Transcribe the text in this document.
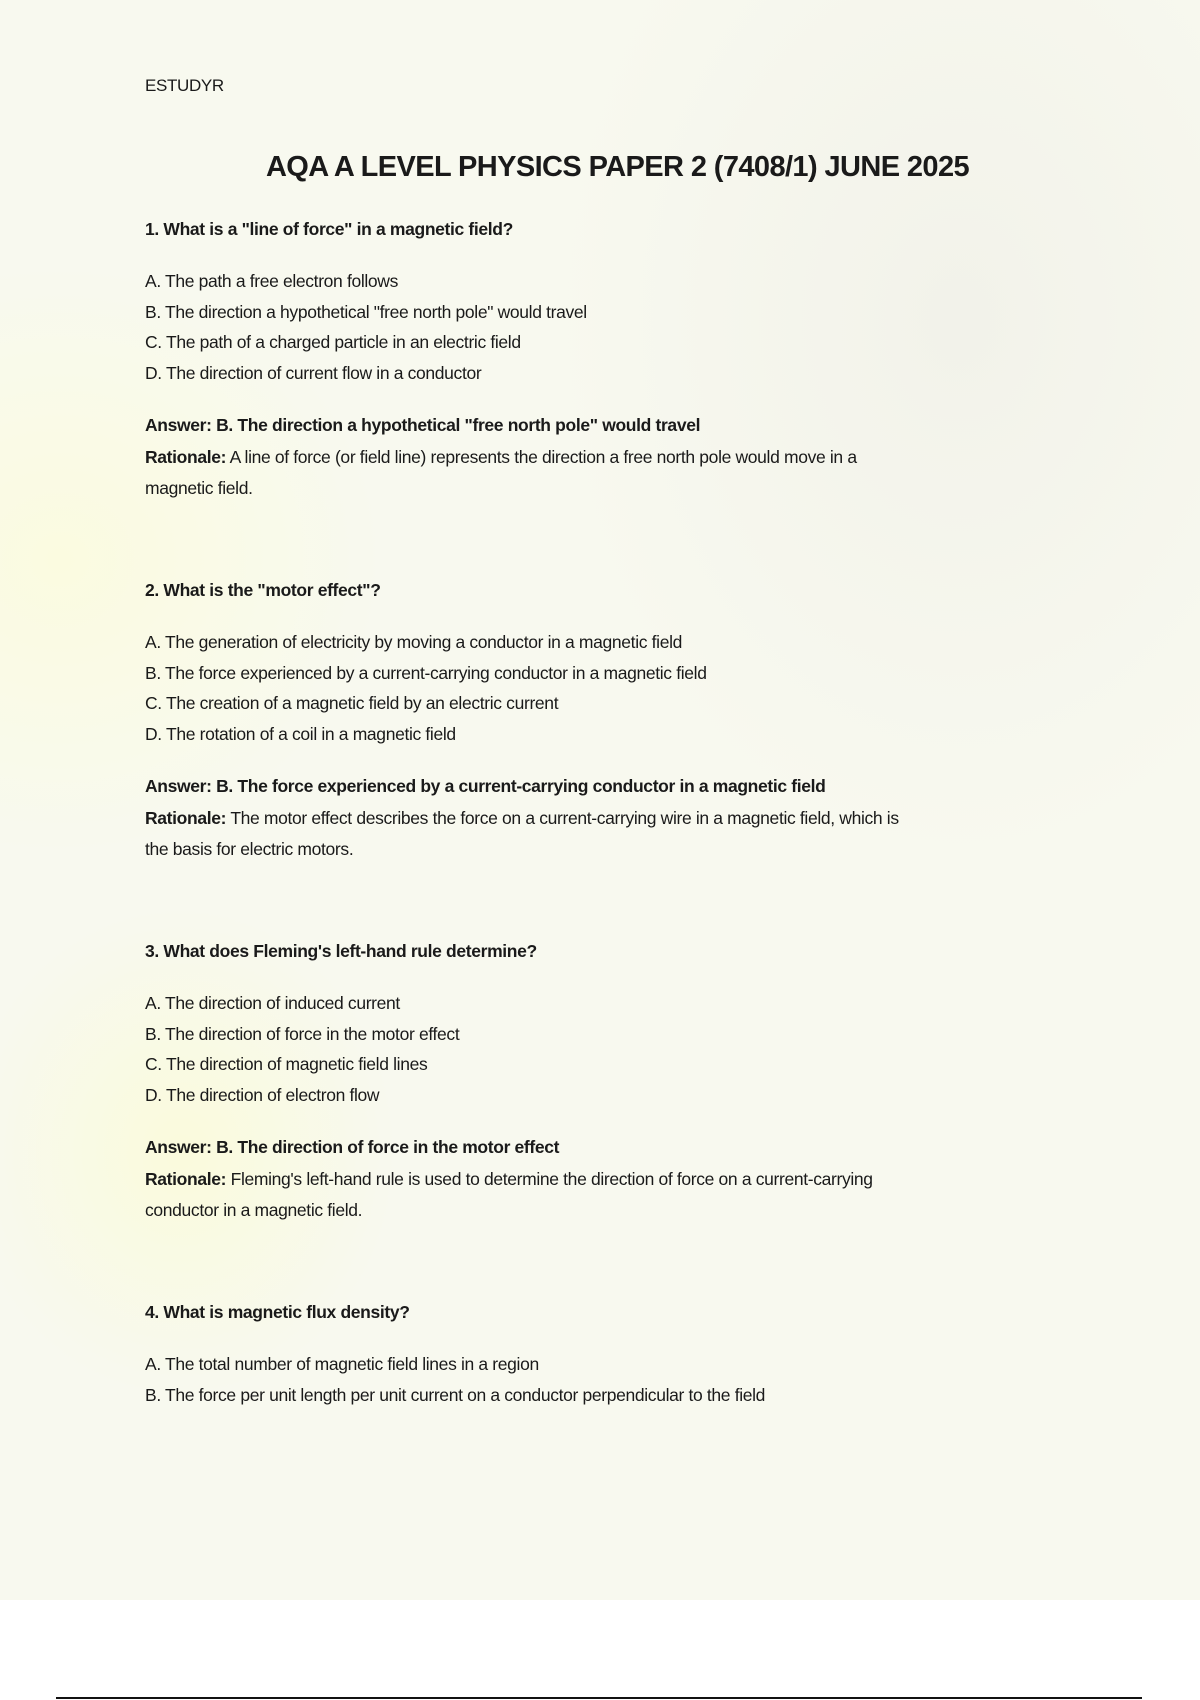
ESTUDYR
AQA A LEVEL PHYSICS PAPER 2 (7408/1) JUNE 2025
1. What is a "line of force" in a magnetic field?
A. The path a free electron follows
B. The direction a hypothetical "free north pole" would travel
C. The path of a charged particle in an electric field
D. The direction of current flow in a conductor
Answer: B. The direction a hypothetical "free north pole" would travel
Rationale: A line of force (or field line) represents the direction a free north pole would move in a
magnetic field.
2. What is the "motor effect"?
A. The generation of electricity by moving a conductor in a magnetic field
B. The force experienced by a current-carrying conductor in a magnetic field
C. The creation of a magnetic field by an electric current
D. The rotation of a coil in a magnetic field
Answer: B. The force experienced by a current-carrying conductor in a magnetic field
Rationale: The motor effect describes the force on a current-carrying wire in a magnetic field, which is
the basis for electric motors.
3. What does Fleming's left-hand rule determine?
A. The direction of induced current
B. The direction of force in the motor effect
C. The direction of magnetic field lines
D. The direction of electron flow
Answer: B. The direction of force in the motor effect
Rationale: Fleming's left-hand rule is used to determine the direction of force on a current-carrying
conductor in a magnetic field.
4. What is magnetic flux density?
A. The total number of magnetic field lines in a region
B. The force per unit length per unit current on a conductor perpendicular to the field
